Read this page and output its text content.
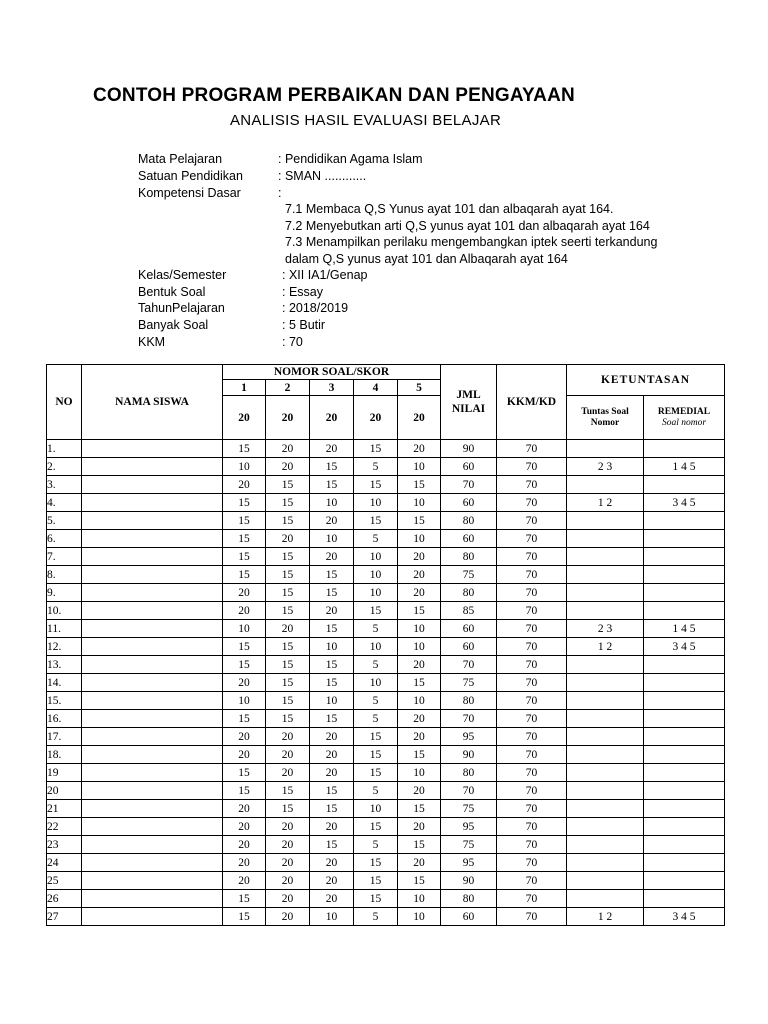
CONTOH PROGRAM PERBAIKAN DAN PENGAYAAN
ANALISIS HASIL EVALUASI BELAJAR
Mata Pelajaran	: Pendidikan Agama Islam
Satuan Pendidikan	: SMAN ............
Kompetensi Dasar	:
7.1 Membaca Q,S Yunus ayat 101 dan albaqarah ayat 164.
7.2 Menyebutkan arti Q,S yunus ayat 101 dan albaqarah ayat 164
7.3 Menampilkan perilaku mengembangkan iptek seerti terkandung
dalam Q,S yunus ayat 101 dan Albaqarah ayat 164
Kelas/Semester	: XII IA1/Genap
Bentuk Soal	: Essay
TahunPelajaran	: 2018/2019
Banyak Soal	: 5 Butir
KKM	: 70
NO	NAMA SISWA	NOMOR SOAL/SKOR					JML NILAI	KKM/KD	KETUNTASAN	
		1	2	3	4	5				
		20	20	20	20	20			Tuntas Soal Nomor	REMEDIAL
Soal nomor

1.		15	20	20	15	20	90	70		
2.		10	20	15	5	10	60	70	2 3	1 4 5
3.		20	15	15	15	15	70	70		
4.		15	15	10	10	10	60	70	1 2	3 4 5
5.		15	15	20	15	15	80	70		
6.		15	20	10	5	10	60	70		
7.		15	15	20	10	20	80	70		
8.		15	15	15	10	20	75	70		
9.		20	15	15	10	20	80	70		
10.		20	15	20	15	15	85	70		
11.		10	20	15	5	10	60	70	2 3	1 4 5
12.		15	15	10	10	10	60	70	1 2	3 4 5
13.		15	15	15	5	20	70	70		
14.		20	15	15	10	15	75	70		
15.		10	15	10	5	10	80	70		
16.		15	15	15	5	20	70	70		
17.		20	20	20	15	20	95	70		
18.		20	20	20	15	15	90	70		
19		15	20	20	15	10	80	70		
20		15	15	15	5	20	70	70		
21		20	15	15	10	15	75	70		
22		20	20	20	15	20	95	70		
23		20	20	15	5	15	75	70		
24		20	20	20	15	20	95	70		
25		20	20	20	15	15	90	70		
26		15	20	20	15	10	80	70		
27		15	20	10	5	10	60	70	1 2	3 4 5
